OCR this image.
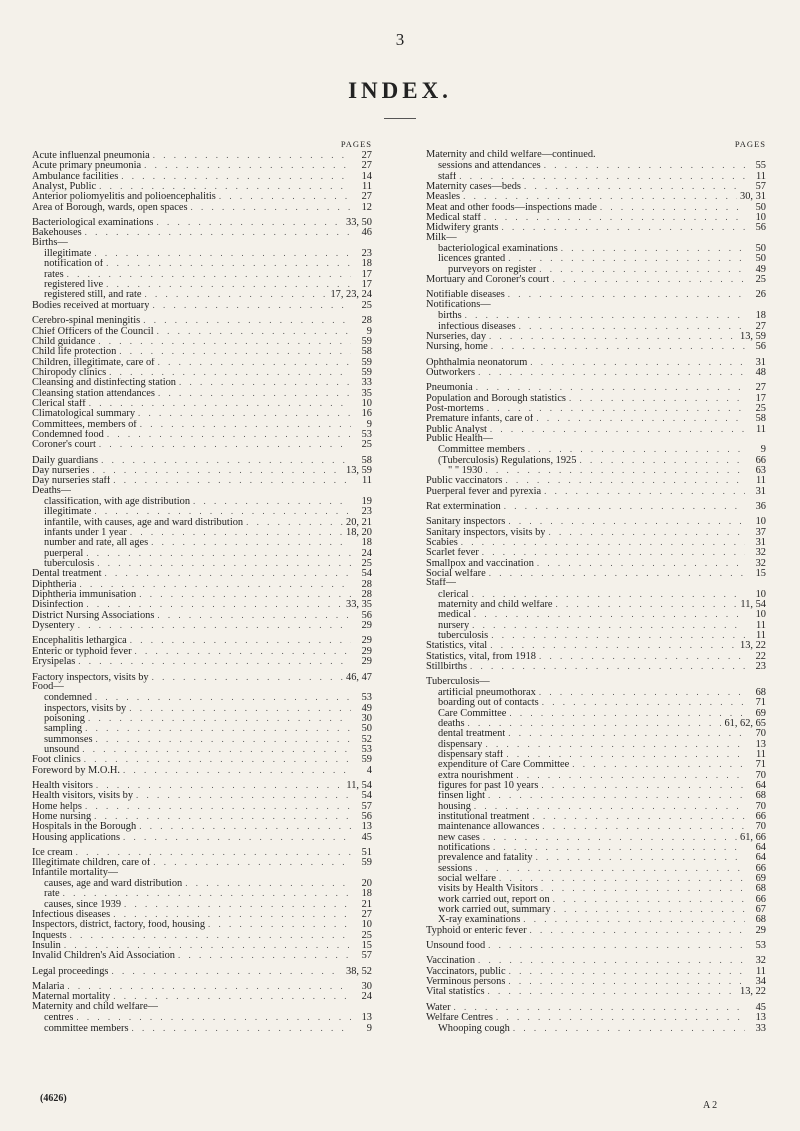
3
INDEX.
PAGES
Acute influenzal pneumonia . . .	27
Acute primary pneumonia . . .	27
Ambulance facilities . . .	14
Analyst, Public . . .	11
Anterior poliomyelitis and polioencephalitis . . .	27
Area of Borough, wards, open spaces . . .	12
Bacteriological examinations . . .	33, 50
Bakehouses . . .	46
Births—
illegitimate . . .	23
notification of . . .	18
rates . . .	17
registered live . . .	17
registered still, and rate . . .	17, 23, 24
Bodies received at mortuary . . .	25
Cerebro-spinal meningitis . . .	28
Chief Officers of the Council . . .	9
Child guidance . . .	59
Child life protection . . .	58
Children, illegitimate, care of . . .	59
Chiropody clinics . . .	59
Cleansing and distinfecting station . . .	33
Cleansing station attendances . . .	35
Clerical staff . . .	10
Climatological summary . . .	16
Committees, members of . . .	9
Condemned food . . .	53
Coroner's court . . .	25
Daily guardians . . .	58
Day nurseries . . .	13, 59
Day nurseries staff . . .	11
Deaths—
classification, with age distribution . . .	19
illegitimate . . .	23
infantile, with causes, age and ward distribution . . .	20, 21
infants under 1 year . . .	18, 20
number and rate, all ages . . .	18
puerperal . . .	24
tuberculosis . . .	25
Dental treatment . . .	54
Diphtheria . . .	28
Diphtheria immunisation . . .	28
Disinfection . . .	33, 35
District Nursing Associations . . .	56
Dysentery . . .	29
Encephalitis lethargica . . .	29
Enteric or typhoid fever . . .	29
Erysipelas . . .	29
Factory inspectors, visits by . . .	46, 47
Food—
condemned . . .	53
inspectors, visits by . . .	49
poisoning . . .	30
sampling . . .	50
summonses . . .	52
unsound . . .	53
Foot clinics . . .	59
Foreword by M.O.H. . . .	4
Health visitors . . .	11, 54
Health visitors, visits by . . .	54
Home helps . . .	57
Home nursing . . .	56
Hospitals in the Borough . . .	13
Housing applications . . .	45
Ice cream . . .	51
Illegitimate children, care of . . .	59
Infantile mortality—
causes, age and ward distribution . . .	20
rate . . .	18
causes, since 1939 . . .	21
Infectious diseases . . .	27
Inspectors, district, factory, food, housing . . .	10
Inquests . . .	25
Insulin . . .	15
Invalid Children's Aid Association . . .	57
Legal proceedings . . .	38, 52
Malaria . . .	30
Maternal mortality . . .	24
Maternity and child welfare—
centres . . .	13
committee members . . .	9
PAGES
Maternity and child welfare—continued.
sessions and attendances . . .	55
staff . . .	11
Maternity cases—beds . . .	57
Measles . . .	30, 31
Meat and other foods—inspections made . . .	50
Medical staff . . .	10
Midwifery grants . . .	56
Milk—
bacteriological examinations . . .	50
licences granted . . .	50
purveyors on register . . .	49
Mortuary and Coroner's court . . .	25
Notifiable diseases . . .	26
Notifications—
births . . .	18
infectious diseases . . .	27
Nurseries, day . . .	13, 59
Nursing, home . . .	56
Ophthalmia neonatorum . . .	31
Outworkers . . .	48
Pneumonia . . .	27
Population and Borough statistics . . .	17
Post-mortems . . .	25
Premature infants, care of . . .	58
Public Analyst . . .	11
Public Health—
Committee members . . .	9
(Tuberculosis) Regulations, 1925 . . .	66
" " 1930 . . .	63
Public vaccinators . . .	11
Puerperal fever and pyrexia . . .	31
Rat extermination . . .	36
Sanitary inspectors . . .	10
Sanitary inspectors, visits by . . .	37
Scabies . . .	31
Scarlet fever . . .	32
Smallpox and vaccination . . .	32
Social welfare . . .	15
Staff—
clerical . . .	10
maternity and child welfare . . .	11, 54
medical . . .	10
nursery . . .	11
tuberculosis . . .	11
Statistics, vital . . .	13, 22
Statistics, vital, from 1918 . . .	22
Stillbirths . . .	23
Tuberculosis—
artificial pneumothorax . . .	68
boarding out of contacts . . .	71
Care Committee . . .	69
deaths . . .	61, 62, 65
dental treatment . . .	70
dispensary . . .	13
dispensary staff . . .	11
expenditure of Care Committee . . .	71
extra nourishment . . .	70
figures for past 10 years . . .	64
finsen light . . .	68
housing . . .	70
institutional treatment . . .	66
maintenance allowances . . .	70
new cases . . .	61, 66
notifications . . .	64
prevalence and fatality . . .	64
sessions . . .	66
social welfare . . .	69
visits by Health Visitors . . .	68
work carried out, report on . . .	66
work carried out, summary . . .	67
X-ray examinations . . .	68
Typhoid or enteric fever . . .	29
Unsound food . . .	53
Vaccination . . .	32
Vaccinators, public . . .	11
Verminous persons . . .	34
Vital statistics . . .	13, 22
Water . . .	45
Welfare Centres . . .	13
Whooping cough . . .	33
(4626)
A 2
